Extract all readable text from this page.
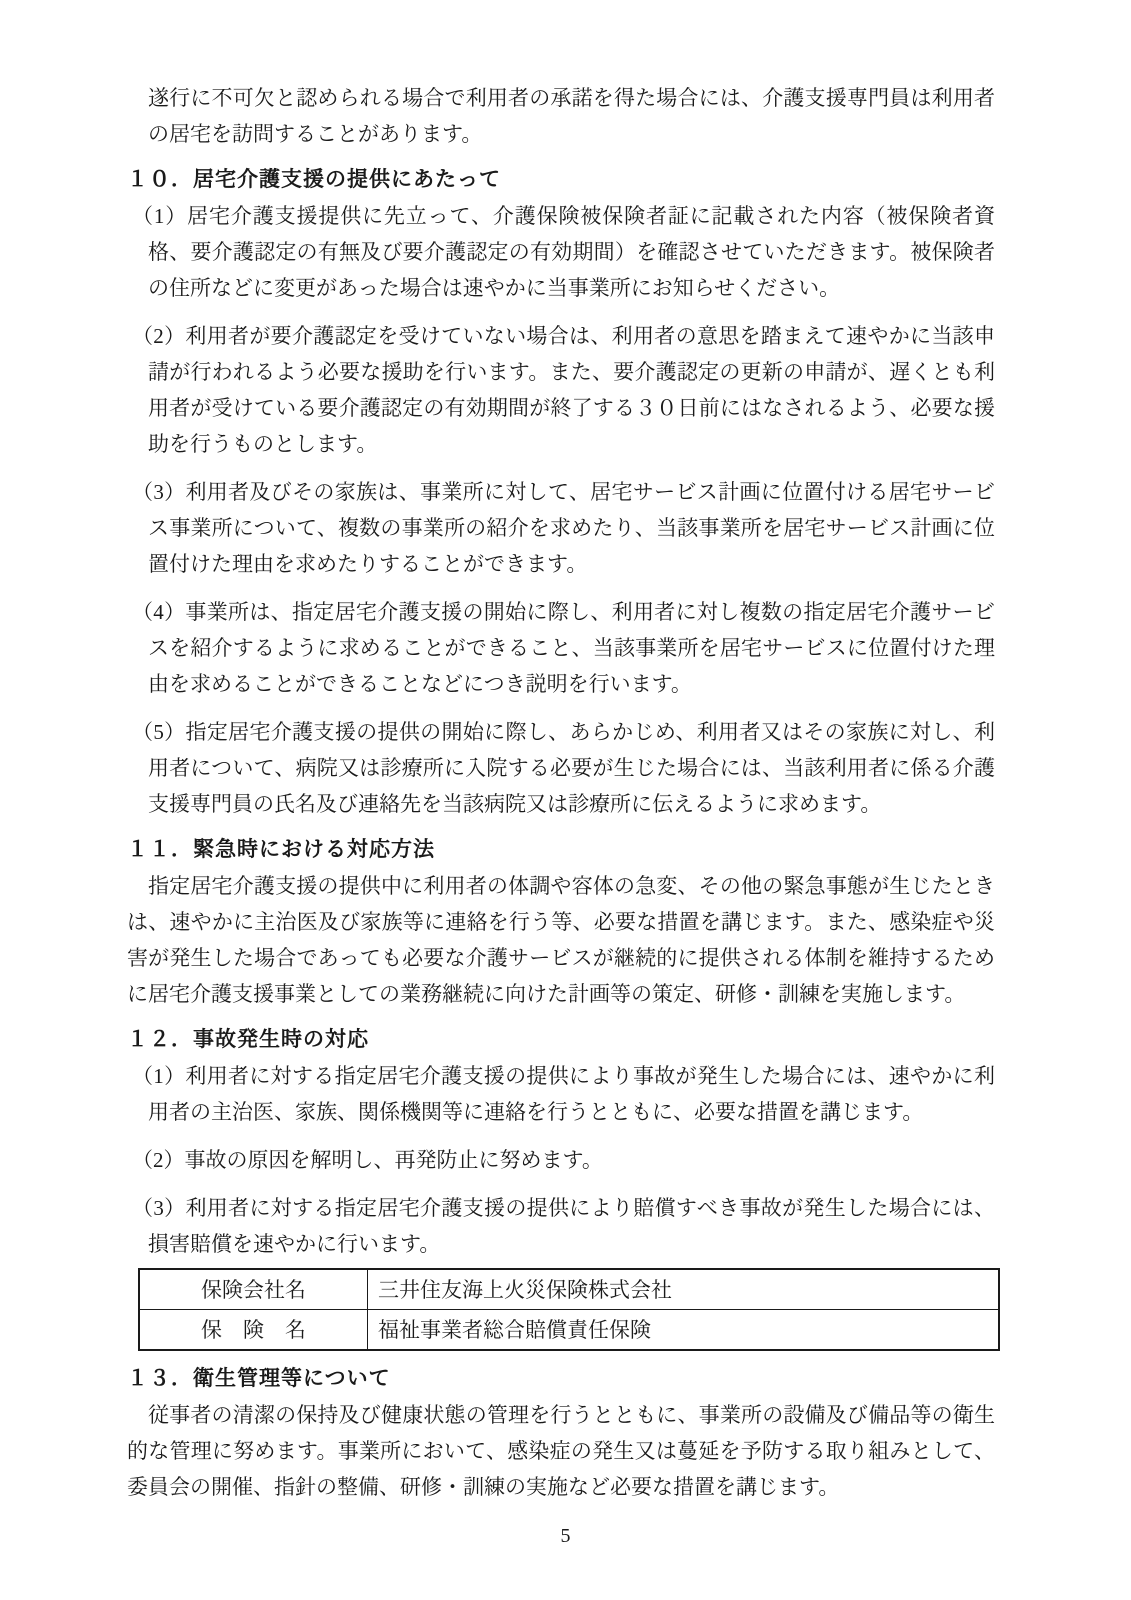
遂行に不可欠と認められる場合で利用者の承諾を得た場合には、介護支援専門員は利用者の居宅を訪問することがあります。

１０．居宅介護支援の提供にあたって

（1）居宅介護支援提供に先立って、介護保険被保険者証に記載された内容（被保険者資格、要介護認定の有無及び要介護認定の有効期間）を確認させていただきます。被保険者の住所などに変更があった場合は速やかに当事業所にお知らせください。

（2）利用者が要介護認定を受けていない場合は、利用者の意思を踏まえて速やかに当該申請が行われるよう必要な援助を行います。また、要介護認定の更新の申請が、遅くとも利用者が受けている要介護認定の有効期間が終了する３０日前にはなされるよう、必要な援助を行うものとします。

（3）利用者及びその家族は、事業所に対して、居宅サービス計画に位置付ける居宅サービス事業所について、複数の事業所の紹介を求めたり、当該事業所を居宅サービス計画に位置付けた理由を求めたりすることができます。

（4）事業所は、指定居宅介護支援の開始に際し、利用者に対し複数の指定居宅介護サービスを紹介するように求めることができること、当該事業所を居宅サービスに位置付けた理由を求めることができることなどにつき説明を行います。

（5）指定居宅介護支援の提供の開始に際し、あらかじめ、利用者又はその家族に対し、利用者について、病院又は診療所に入院する必要が生じた場合には、当該利用者に係る介護支援専門員の氏名及び連絡先を当該病院又は診療所に伝えるように求めます。

１１．緊急時における対応方法

指定居宅介護支援の提供中に利用者の体調や容体の急変、その他の緊急事態が生じたときは、速やかに主治医及び家族等に連絡を行う等、必要な措置を講じます。また、感染症や災害が発生した場合であっても必要な介護サービスが継続的に提供される体制を維持するために居宅介護支援事業としての業務継続に向けた計画等の策定、研修・訓練を実施します。

１２．事故発生時の対応

（1）利用者に対する指定居宅介護支援の提供により事故が発生した場合には、速やかに利用者の主治医、家族、関係機関等に連絡を行うとともに、必要な措置を講じます。

（2）事故の原因を解明し、再発防止に努めます。

（3）利用者に対する指定居宅介護支援の提供により賠償すべき事故が発生した場合には、損害賠償を速やかに行います。

保険会社名	三井住友海上火災保険株式会社
保　険　名	福祉事業者総合賠償責任保険

１３．衛生管理等について

従事者の清潔の保持及び健康状態の管理を行うとともに、事業所の設備及び備品等の衛生的な管理に努めます。事業所において、感染症の発生又は蔓延を予防する取り組みとして、委員会の開催、指針の整備、研修・訓練の実施など必要な措置を講じます。

5
